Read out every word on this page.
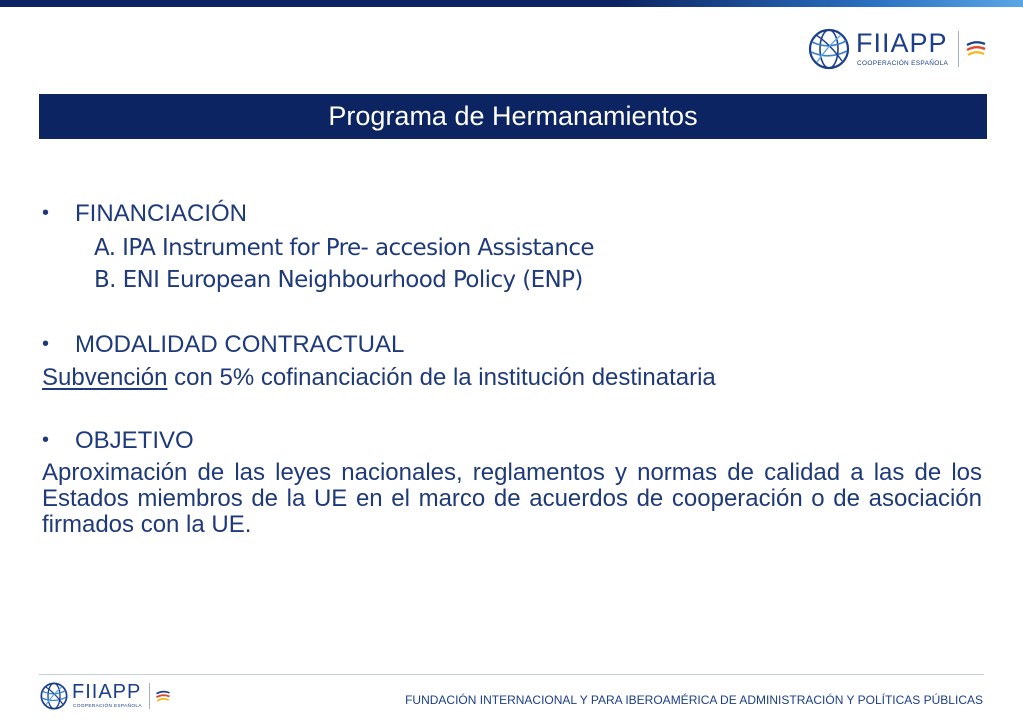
FIIAPP
COOPERACIÓN ESPAÑOLA
Programa de Hermanamientos
• FINANCIACIÓN
A. IPA Instrument for Pre- accesion Assistance
B. ENI European Neighbourhood Policy (ENP)
• MODALIDAD CONTRACTUAL
Subvención con 5% cofinanciación de la institución destinataria
• OBJETIVO
Aproximación de las leyes nacionales, reglamentos y normas de calidad a las de los Estados miembros de la UE en el marco de acuerdos de cooperación o de asociación firmados con la UE.
FIIAPP
COOPERACIÓN ESPAÑOLA	FUNDACIÓN INTERNACIONAL Y PARA IBEROAMÉRICA DE ADMINISTRACIÓN Y POLÍTICAS PÚBLICAS
